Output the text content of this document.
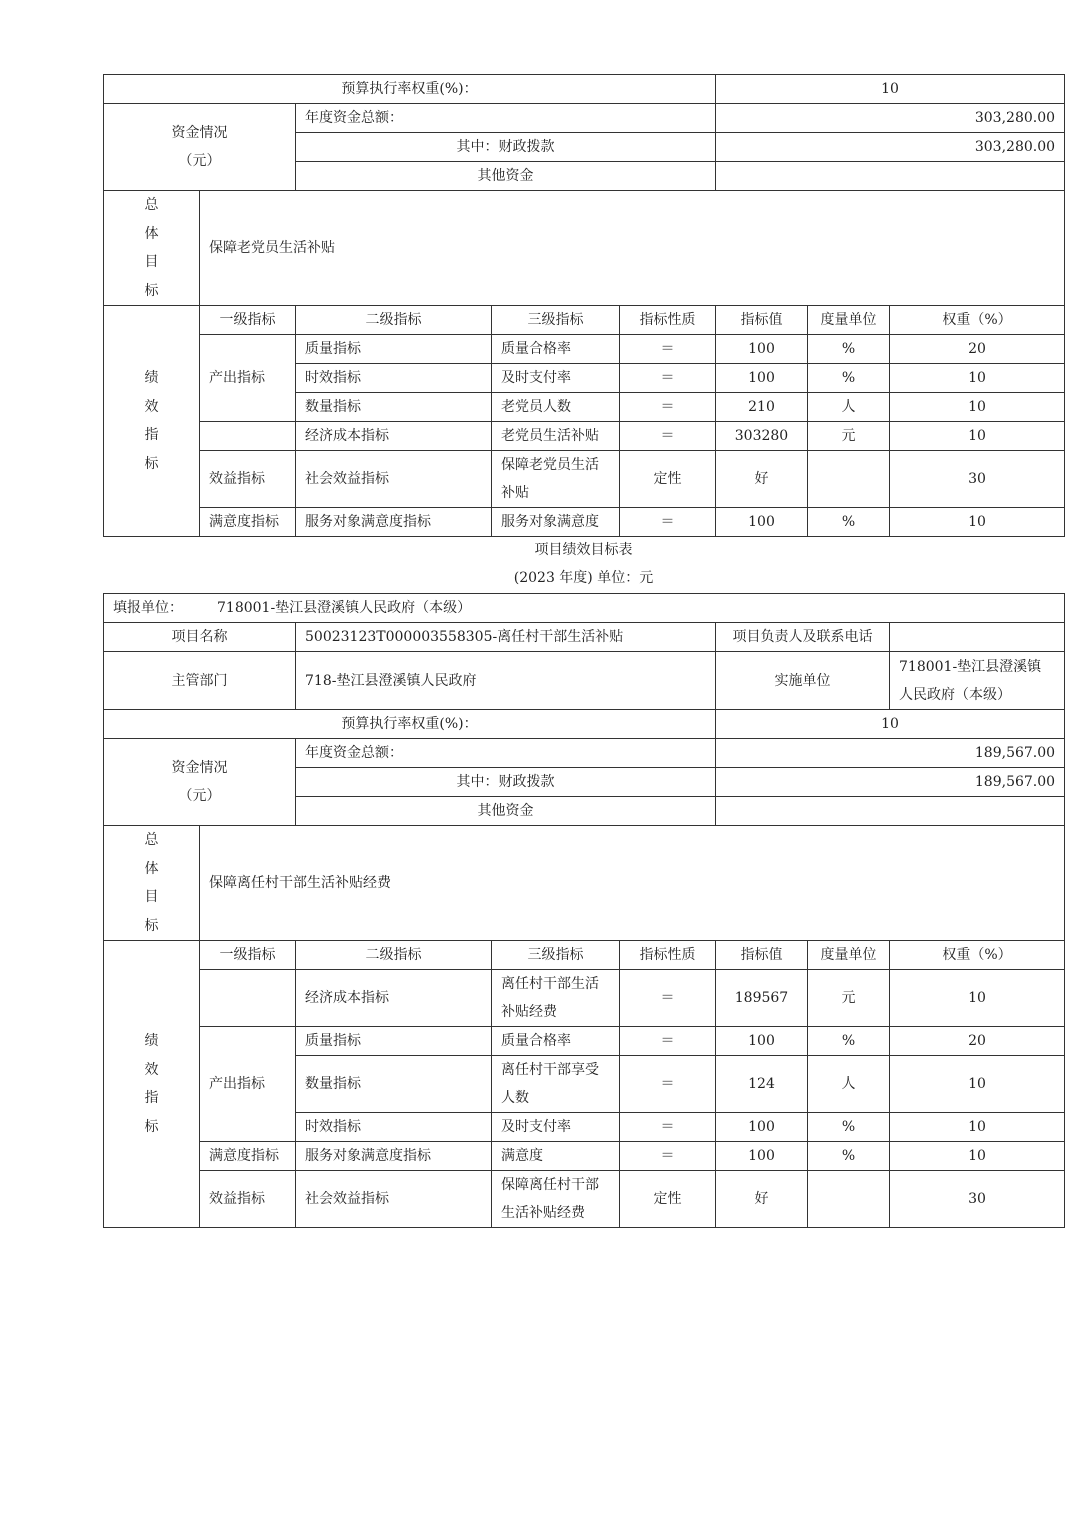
预算执行率权重(%)：					10		

资金情况
（元）		年度资金总额：			303,280.00		
		其中：财政拨款			303,280.00		
		其他资金					

总
体
目
标	保障老党员生活补贴						

绩
效
指
标	一级指标	二级指标	三级指标	指标性质	指标值	度量单位	权重（%）
	产出指标	质量指标	质量合格率	＝	100	%	20
		时效指标	及时支付率	＝	100	%	10
		数量指标	老党员人数	＝	210	人	10
		经济成本指标	老党员生活补贴	＝	303280	元	10
	效益指标	社会效益指标	保障老党员生活补贴	定性	好		30
	满意度指标	服务对象满意度指标	服务对象满意度	＝	100	%	10
项目绩效目标表
(2023 年度) 单位：元
填报单位： 718001-垫江县澄溪镇人民政府（本级）							
项目名称		50023123T000003558305-离任村干部生活补贴			项目负责人及联系电话		
主管部门		718-垫江县澄溪镇人民政府			实施单位		718001-垫江县澄溪镇人民政府（本级）
预算执行率权重(%)：					10		

资金情况
（元）		年度资金总额：			189,567.00		
		其中：财政拨款			189,567.00		
		其他资金					

总
体
目
标	保障离任村干部生活补贴经费						

绩
效
指
标	一级指标	二级指标	三级指标	指标性质	指标值	度量单位	权重（%）
		经济成本指标	离任村干部生活补贴经费	＝	189567	元	10
	产出指标	质量指标	质量合格率	＝	100	%	20
		数量指标	离任村干部享受人数	＝	124	人	10
		时效指标	及时支付率	＝	100	%	10
	满意度指标	服务对象满意度指标	满意度	＝	100	%	10
	效益指标	社会效益指标	保障离任村干部生活补贴经费	定性	好		30
